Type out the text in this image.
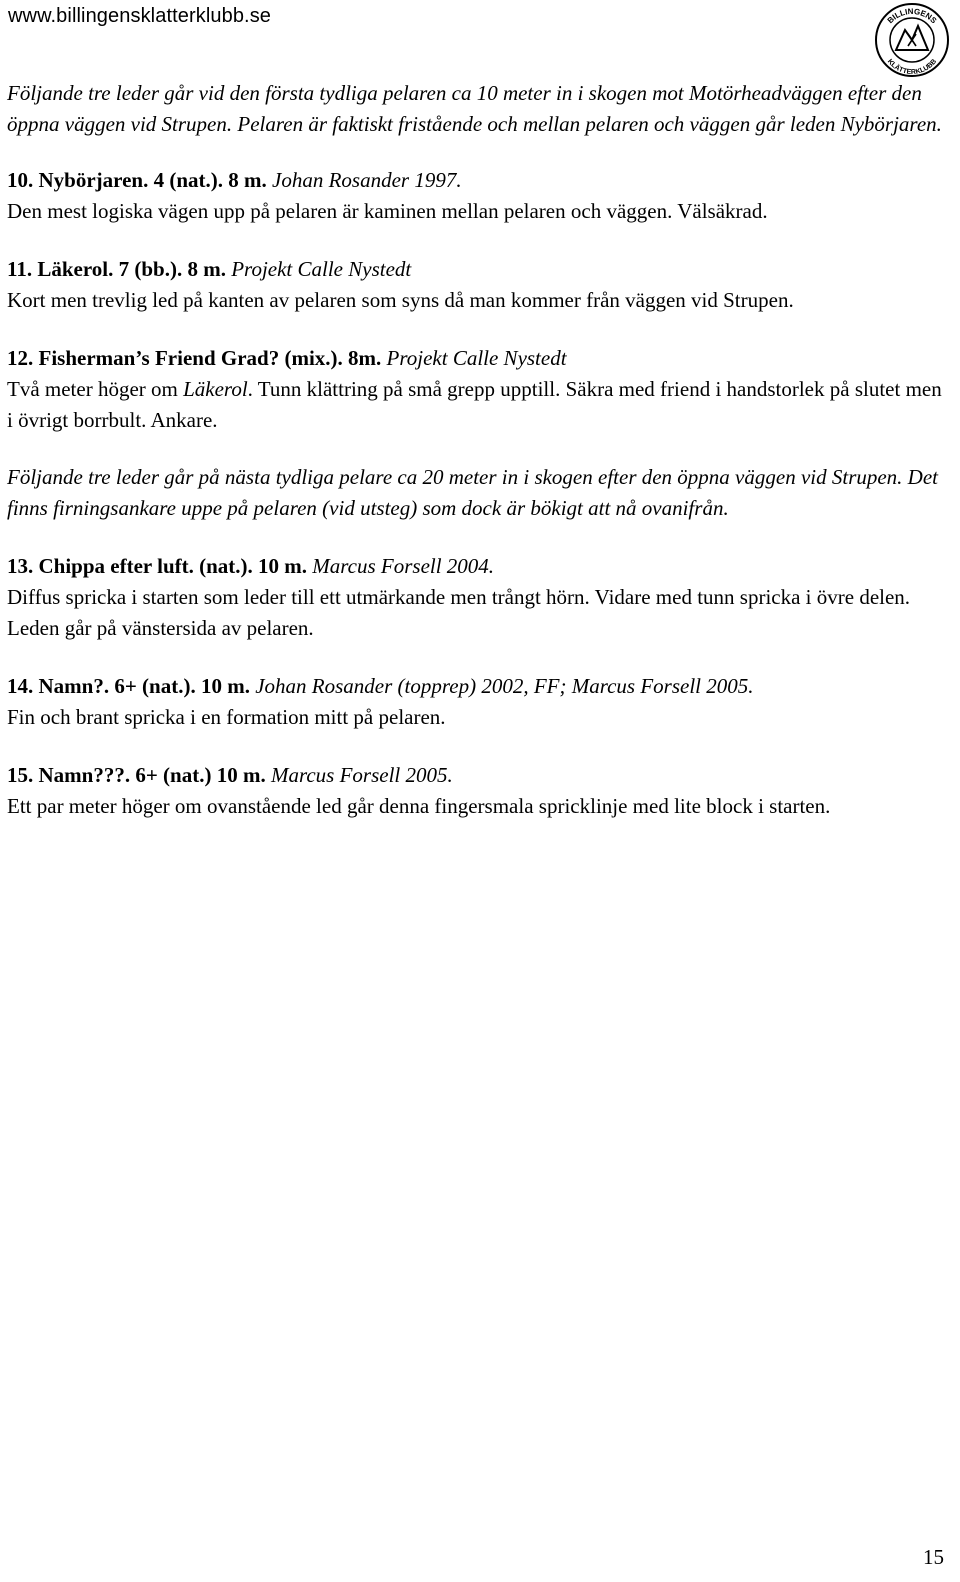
www.billingensklatterklubb.se	BILLINGENS
KLÄTTERKLUBB

Följande tre leder går vid den första tydliga pelaren ca 10 meter in i skogen mot Motörheadväggen efter den öppna väggen vid Strupen. Pelaren är faktiskt fristående och mellan pelaren och väggen går leden Nybörjaren.

10. Nybörjaren. 4 (nat.). 8 m. Johan Rosander 1997.

Den mest logiska vägen upp på pelaren är kaminen mellan pelaren och väggen. Välsäkrad.

11. Läkerol. 7 (bb.). 8 m. Projekt Calle Nystedt

Kort men trevlig led på kanten av pelaren som syns då man kommer från väggen vid Strupen.

12. Fisherman’s Friend Grad? (mix.). 8m. Projekt Calle Nystedt

Två meter höger om Läkerol. Tunn klättring på små grepp upptill. Säkra med friend i handstorlek på slutet men i övrigt borrbult. Ankare.

Följande tre leder går på nästa tydliga pelare ca 20 meter in i skogen efter den öppna väggen vid Strupen. Det finns firningsankare uppe på pelaren (vid utsteg) som dock är bökigt att nå ovanifrån.

13. Chippa efter luft. (nat.). 10 m. Marcus Forsell 2004.

Diffus spricka i starten som leder till ett utmärkande men trångt hörn. Vidare med tunn spricka i övre delen. Leden går på vänstersida av pelaren.

14. Namn?. 6+ (nat.). 10 m. Johan Rosander (topprep) 2002, FF; Marcus Forsell 2005.

Fin och brant spricka i en formation mitt på pelaren.

15. Namn???. 6+ (nat.) 10 m. Marcus Forsell 2005.

Ett par meter höger om ovanstående led går denna fingersmala spricklinje med lite block i starten.

15
